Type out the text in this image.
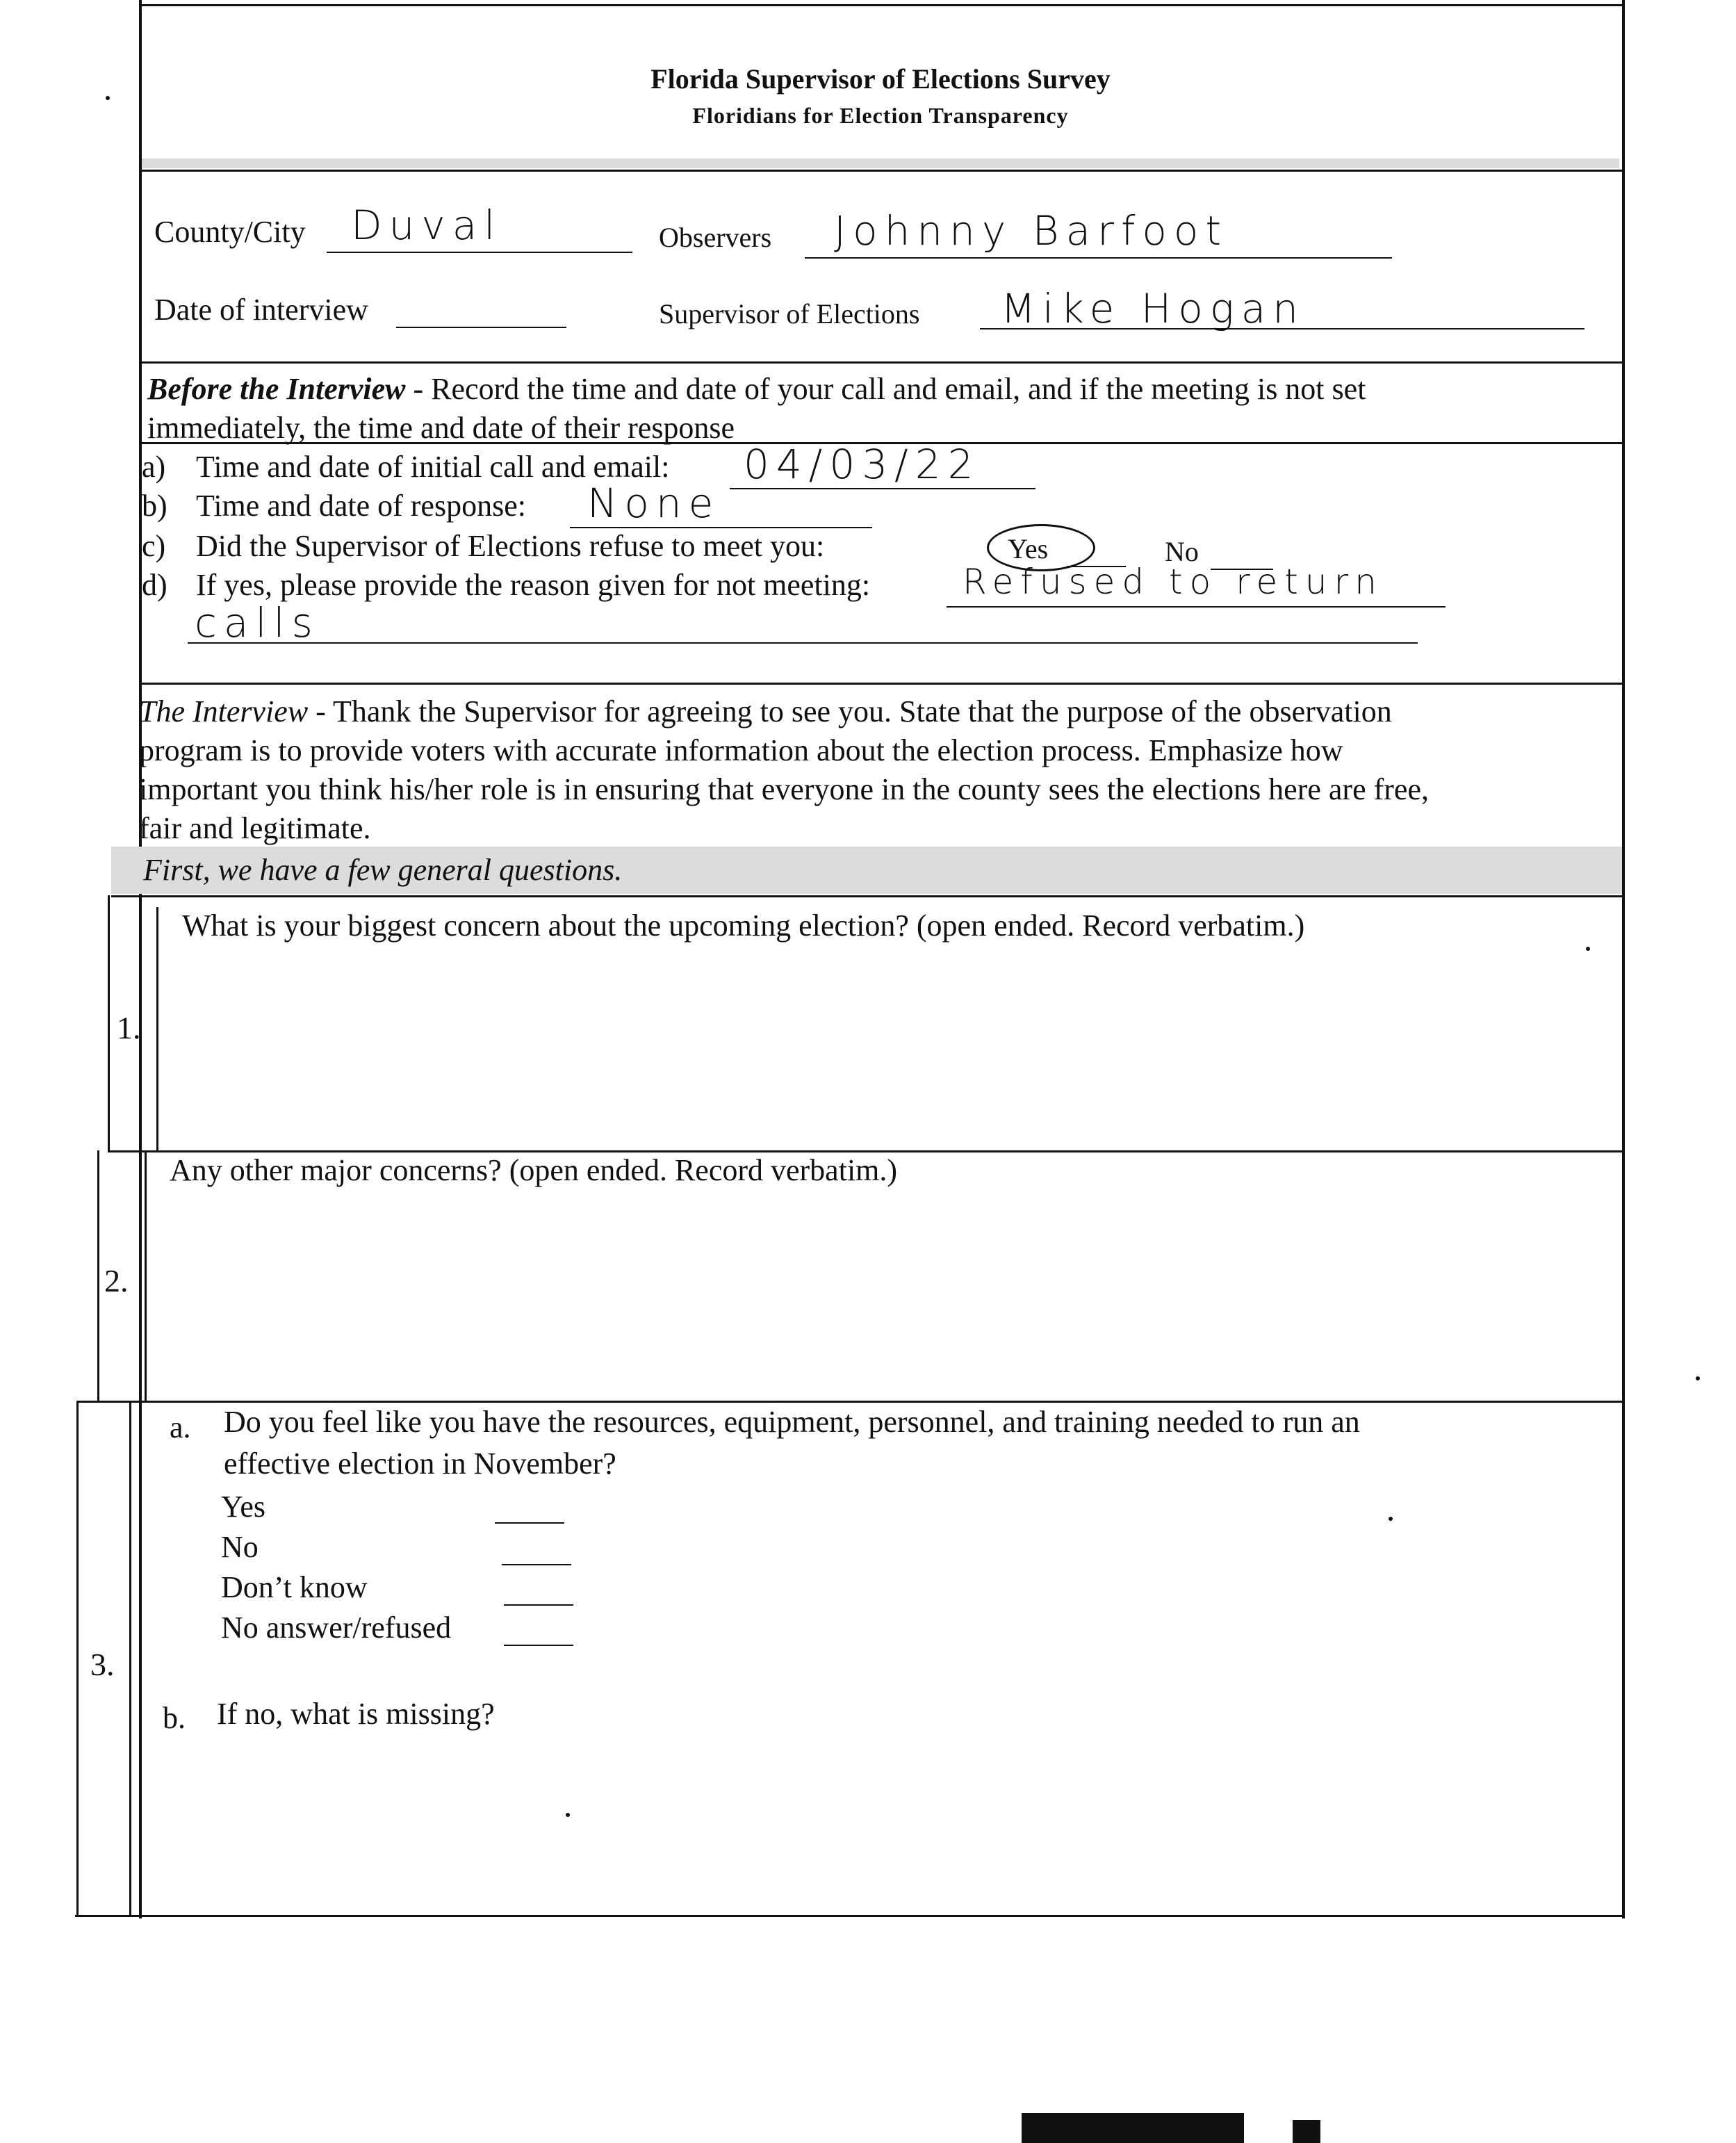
Florida Supervisor of Elections Survey
Floridians for Election Transparency
County/City Duval	Observers Johnny Barfoot
Date of interview	Supervisor of Elections Mike Hogan
Before the Interview - Record the time and date of your call and email, and if the meeting is not set
immediately, the time and date of their response
a) Time and date of initial call and email: 04/03/22
b) Time and date of response: None
c) Did the Supervisor of Elections refuse to meet you:	Yes	No
d) If yes, please provide the reason given for not meeting:	Refused to return
calls
The Interview - Thank the Supervisor for agreeing to see you. State that the purpose of the observation
program is to provide voters with accurate information about the election process. Emphasize how
important you think his/her role is in ensuring that everyone in the county sees the elections here are free,
fair and legitimate.
First, we have a few general questions.
What is your biggest concern about the upcoming election? (open ended. Record verbatim.)
1.
Any other major concerns? (open ended. Record verbatim.)
2.
a. Do you feel like you have the resources, equipment, personnel, and training needed to run an
effective election in November?
Yes
No
Don’t know
No answer/refused
3.
b. If no, what is missing?
